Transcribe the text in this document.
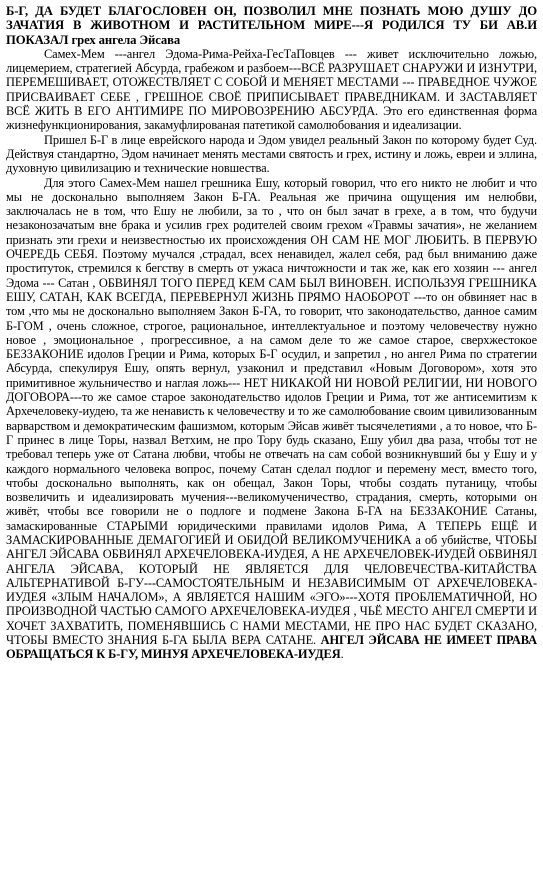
Б-Г, ДА БУДЕТ БЛАГОСЛОВЕН ОН, ПОЗВОЛИЛ МНЕ ПОЗНАТЬ МОЮ ДУШУ ДО ЗАЧАТИЯ В ЖИВОТНОМ И РАСТИТЕЛЬНОМ МИРЕ---Я РОДИЛСЯ ТУ БИ АВ.И ПОКАЗАЛ грех ангела Эйсава

Самех-Мем ---ангел Эдома-Рима-Рейха-ГесТаПовцев --- живет исключительно ложью, лицемерием, стратегией Абсурда, грабежом и разбоем---ВСЁ РАЗРУШАЕТ СНАРУЖИ И ИЗНУТРИ, ПЕРЕМЕШИВАЕТ, ОТОЖЕСТВЛЯЕТ С СОБОЙ И МЕНЯЕТ МЕСТАМИ --- ПРАВЕДНОЕ ЧУЖОЕ ПРИСВАИВАЕТ СЕБЕ , ГРЕШНОЕ СВОЁ ПРИПИСЫВАЕТ ПРАВЕДНИКАМ. И ЗАСТАВЛЯЕТ ВСЁ ЖИТЬ В ЕГО АНТИМИРЕ ПО МИРОВОЗРЕНИЮ АБСУРДА. Это его единственная форма жизнефункционирования, закамуфлированая патетикой самолюбования и идеализации.

Пришел Б-Г в лице еврейского народа и Эдом увидел реальный Закон по которому будет Суд. Действуя стандартно, Эдом начинает менять местами святость и грех, истину и ложь, евреи и эллина, духовную цивилизацию и технические новшества.

Для этого Самех-Мем нашел грешника Ешу, который говорил, что его никто не любит и что мы не досконально выполняем Закон Б-ГА. Реальная же причина ощущения им нелюбви, заключалась не в том, что Ешу не любили, за то , что он был зачат в грехе, а в том, что будучи незаконозачатым вне брака и усилив грех родителей своим грехом «Травмы зачатия», не желанием признать эти грехи и неизвестностью их происхождения ОН САМ НЕ МОГ ЛЮБИТЬ. В ПЕРВУЮ ОЧЕРЕДЬ СЕБЯ. Поэтому мучался ,страдал, всех ненавидел, жалел себя, рад был вниманию даже проституток, стремился к бегству в смерть от ужаса ничтожности и так же, как его хозяин --- ангел Эдома --- Сатан , ОБВИНЯЛ ТОГО ПЕРЕД КЕМ САМ БЫЛ ВИНОВЕН. ИСПОЛЬЗУЯ ГРЕШНИКА ЕШУ, САТАН, КАК ВСЕГДА, ПЕРЕВЕРНУЛ ЖИЗНЬ ПРЯМО НАОБОРОТ ---то он обвиняет нас в том ,что мы не досконально выполняем Закон Б-ГА, то говорит, что законодательство, данное самим Б-ГОМ , очень сложное, строгое, рациональное, интеллектуальное и поэтому человечеству нужно новое , эмоциональное , прогрессивное, а на самом деле то же самое старое, сверхжестокое БЕЗЗАКОНИЕ идолов Греции и Рима, которых Б-Г осудил, и запретил , но ангел Рима по стратегии Абсурда, спекулируя Ешу, опять вернул, узаконил и представил «Новым Договором», хотя это примитивное жульничество и наглая ложь--- НЕТ НИКАКОЙ НИ НОВОЙ РЕЛИГИИ, НИ НОВОГО ДОГОВОРА---то же самое старое законодательство идолов Греции и Рима, тот же антисемитизм к Архечеловеку-иудею, та же ненависть к человечеству и то же самолюбование своим цивилизованным варварством и демократическим фашизмом, которым Эйсав живёт тысячелетиями , а то новое, что Б-Г принес в лице Торы, назвал Ветхим, не про Тору будь сказано, Ешу убил два раза, чтобы тот не требовал теперь уже от Сатана любви, чтобы не отвечать на сам собой возникнувший бы у Ешу и у каждого нормального человека вопрос, почему Сатан сделал подлог и перемену мест, вместо того, чтобы досконально выполнять, как он обещал, Закон Торы, чтобы создать путаницу, чтобы возвеличить и идеализировать мучения---великомученичество, страдания, смерть, которыми он живёт, чтобы все говорили не о подлоге и подмене Закона Б-ГА на БЕЗЗАКОНИЕ Сатаны, замаскированные СТАРЫМИ юридическими правилами идолов Рима, А ТЕПЕРЬ ЕЩЁ И ЗАМАСКИРОВАННЫЕ ДЕМАГОГИЕЙ И ОБИДОЙ ВЕЛИКОМУЧЕНИКА а об убийстве, ЧТОБЫ АНГЕЛ ЭЙСАВА ОБВИНЯЛ АРХЕЧЕЛОВЕКА-ИУДЕЯ, А НЕ АРХЕЧЕЛОВЕК-ИУДЕЙ ОБВИНЯЛ АНГЕЛА ЭЙСАВА, КОТОРЫЙ НЕ ЯВЛЯЕТСЯ ДЛЯ ЧЕЛОВЕЧЕСТВА-КИТАЙСТВА АЛЬТЕРНАТИВОЙ Б-ГУ---САМОСТОЯТЕЛЬНЫМ И НЕЗАВИСИМЫМ ОТ АРХЕЧЕЛОВЕКА-ИУДЕЯ «ЗЛЫМ НАЧАЛОМ», А ЯВЛЯЕТСЯ НАШИМ «ЭГО»---ХОТЯ ПРОБЛЕМАТИЧНОЙ, НО ПРОИЗВОДНОЙ ЧАСТЬЮ САМОГО АРХЕЧЕЛОВЕКА-ИУДЕЯ , ЧЬЁ МЕСТО АНГЕЛ СМЕРТИ И ХОЧЕТ ЗАХВАТИТЬ, ПОМЕНЯВШИСЬ С НАМИ МЕСТАМИ, НЕ ПРО НАС БУДЕТ СКАЗАНО, ЧТОБЫ ВМЕСТО ЗНАНИЯ Б-ГА БЫЛА ВЕРА САТАНЕ. АНГЕЛ ЭЙСАВА НЕ ИМЕЕТ ПРАВА ОБРАЩАТЬСЯ К Б-ГУ, МИНУЯ АРХЕЧЕЛОВЕКА-ИУДЕЯ.
